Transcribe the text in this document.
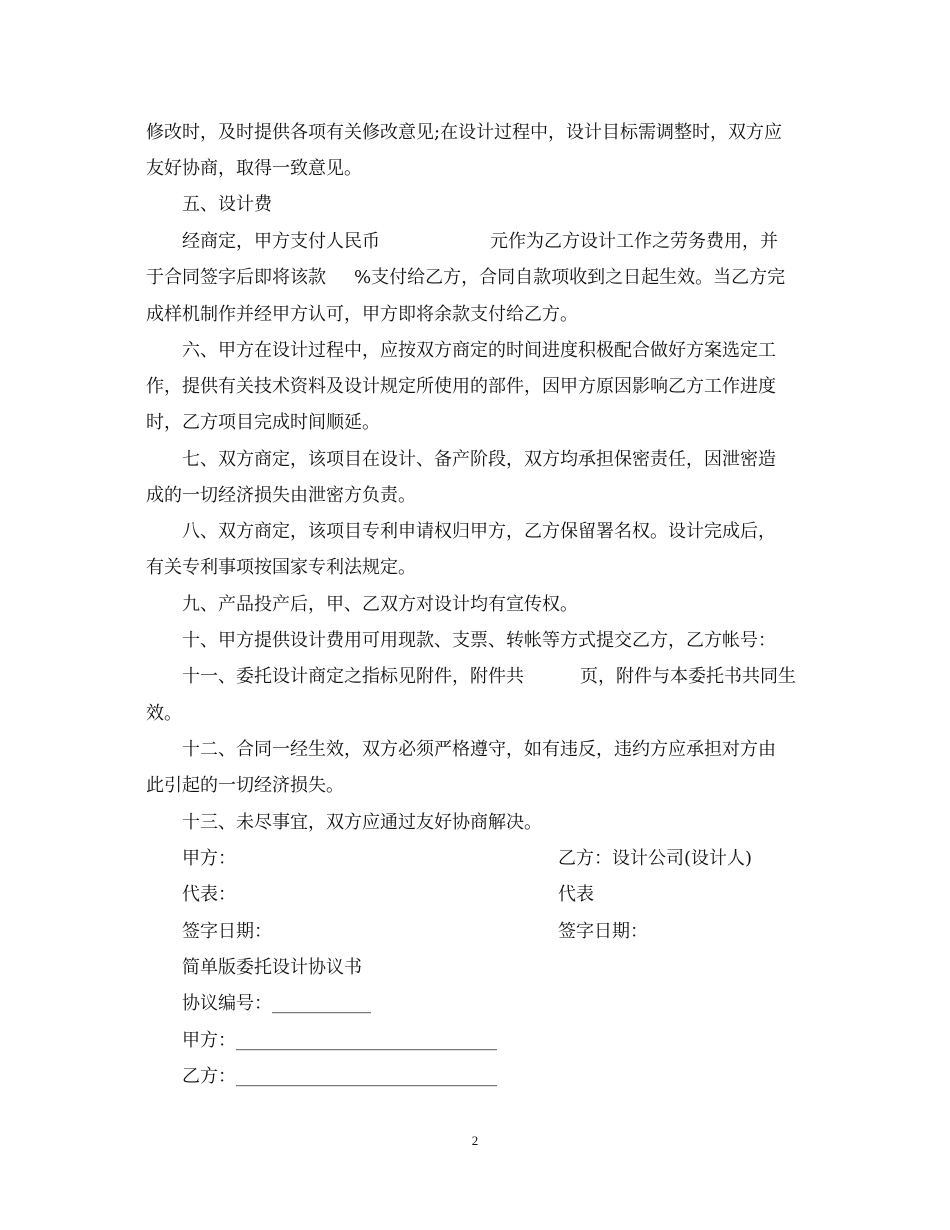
修改时，及时提供各项有关修改意见;在设计过程中，设计目标需调整时，双方应
友好协商，取得一致意见。
五、设计费
经商定，甲方支付人民币	元作为乙方设计工作之劳务费用，并
于合同签字后即将该款 %支付给乙方，合同自款项收到之日起生效。当乙方完
成样机制作并经甲方认可，甲方即将余款支付给乙方。
六、甲方在设计过程中，应按双方商定的时间进度积极配合做好方案选定工
作，提供有关技术资料及设计规定所使用的部件，因甲方原因影响乙方工作进度
时，乙方项目完成时间顺延。
七、双方商定，该项目在设计、备产阶段，双方均承担保密责任，因泄密造
成的一切经济损失由泄密方负责。
八、双方商定，该项目专利申请权归甲方，乙方保留署名权。设计完成后，
有关专利事项按国家专利法规定。
九、产品投产后，甲、乙双方对设计均有宣传权。
十、甲方提供设计费用可用现款、支票、转帐等方式提交乙方，乙方帐号：
十一、委托设计商定之指标见附件，附件共	页，附件与本委托书共同生
效。
十二、合同一经生效，双方必须严格遵守，如有违反，违约方应承担对方由
此引起的一切经济损失。
十三、未尽事宜，双方应通过友好协商解决。
甲方：	乙方：设计公司(设计人)
代表：	代表
签字日期：	签字日期：
简单版委托设计协议书
协议编号：___________
甲方：_____________________________
乙方：_____________________________
2
